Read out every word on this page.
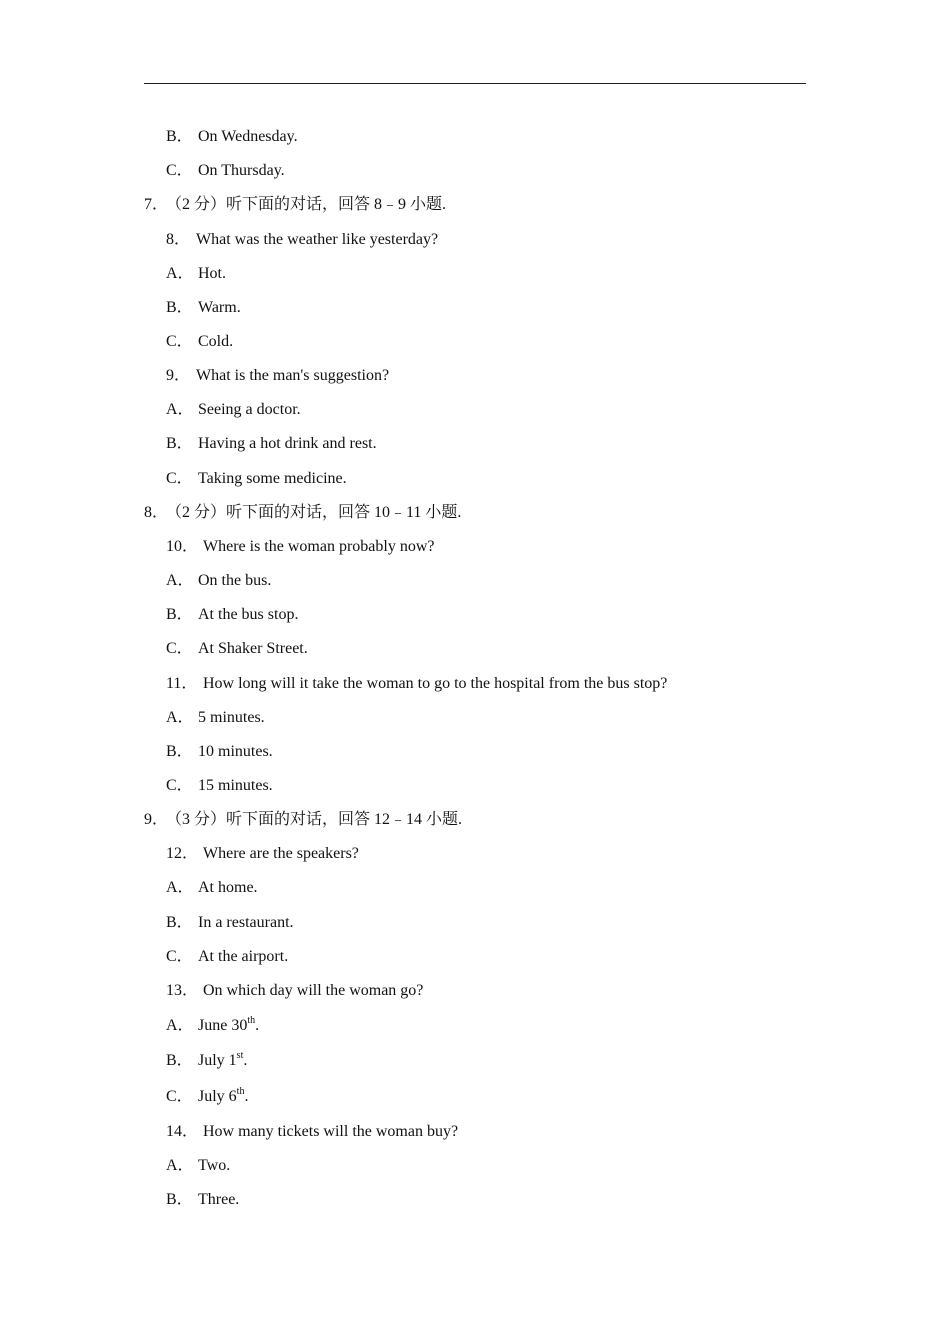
B． On Wednesday.
C． On Thursday.
7．（2 分）听下面的对话，回答 8﹣9 小题.
8． What was the weather like yesterday?
A． Hot.
B． Warm.
C． Cold.
9． What is the man's suggestion?
A． Seeing a doctor.
B． Having a hot drink and rest.
C． Taking some medicine.
8．（2 分）听下面的对话，回答 10﹣11 小题.
10． Where is the woman probably now?
A． On the bus.
B． At the bus stop.
C． At Shaker Street.
11． How long will it take the woman to go to the hospital from the bus stop?
A． 5 minutes.
B． 10 minutes.
C． 15 minutes.
9．（3 分）听下面的对话，回答 12﹣14 小题.
12． Where are the speakers?
A． At home.
B． In a restaurant.
C． At the airport.
13． On which day will the woman go?
A． June 30th.
B． July 1st.
C． July 6th.
14． How many tickets will the woman buy?
A． Two.
B． Three.
